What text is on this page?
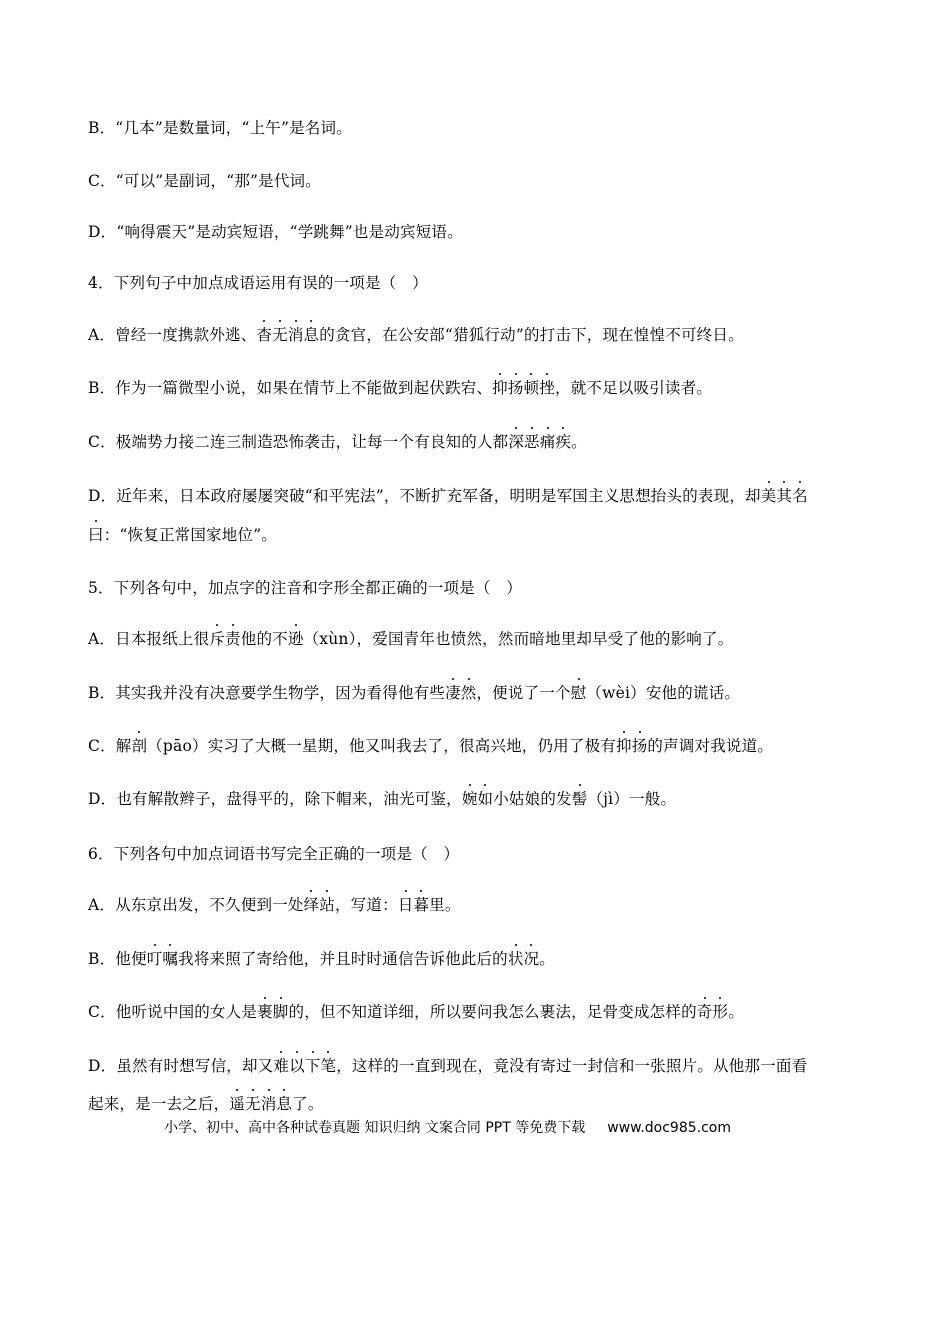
B．“几本”是数量词，“上午”是名词。
C．“可以”是副词，“那”是代词。
D．“响得震天”是动宾短语，“学跳舞”也是动宾短语。
4．下列句子中加点成语运用有误的一项是（　）
A．曾经一度携款外逃、杳无消息的贪官，在公安部“猎狐行动”的打击下，现在惶惶不可终日。
B．作为一篇微型小说，如果在情节上不能做到起伏跌宕、抑扬顿挫，就不足以吸引读者。
C．极端势力接二连三制造恐怖袭击，让每一个有良知的人都深恶痛疾。
D．近年来，日本政府屡屡突破“和平宪法”，不断扩充军备，明明是军国主义思想抬头的表现，却美其名
曰：“恢复正常国家地位”。
5．下列各句中，加点字的注音和字形全都正确的一项是（　）
A．日本报纸上很斥责他的不逊（xùn），爱国青年也愤然，然而暗地里却早受了他的影响了。
B．其实我并没有决意要学生物学，因为看得他有些凄然，便说了一个慰（wèi）安他的谎话。
C．解剖（pāo）实习了大概一星期，他又叫我去了，很高兴地，仍用了极有抑扬的声调对我说道。
D．也有解散辫子，盘得平的，除下帽来，油光可鉴，婉如小姑娘的发髻（jì）一般。
6．下列各句中加点词语书写完全正确的一项是（　）
A．从东京出发，不久便到一处绎站，写道：日暮里。
B．他便叮嘱我将来照了寄给他，并且时时通信告诉他此后的状况。
C．他听说中国的女人是裹脚的，但不知道详细，所以要问我怎么裹法，足骨变成怎样的奇形。
D．虽然有时想写信，却又难以下笔，这样的一直到现在，竟没有寄过一封信和一张照片。从他那一面看
起来，是一去之后，遥无消息了。
小学、初中、高中各种试卷真题 知识归纳 文案合同 PPT 等免费下载 www.doc985.com
